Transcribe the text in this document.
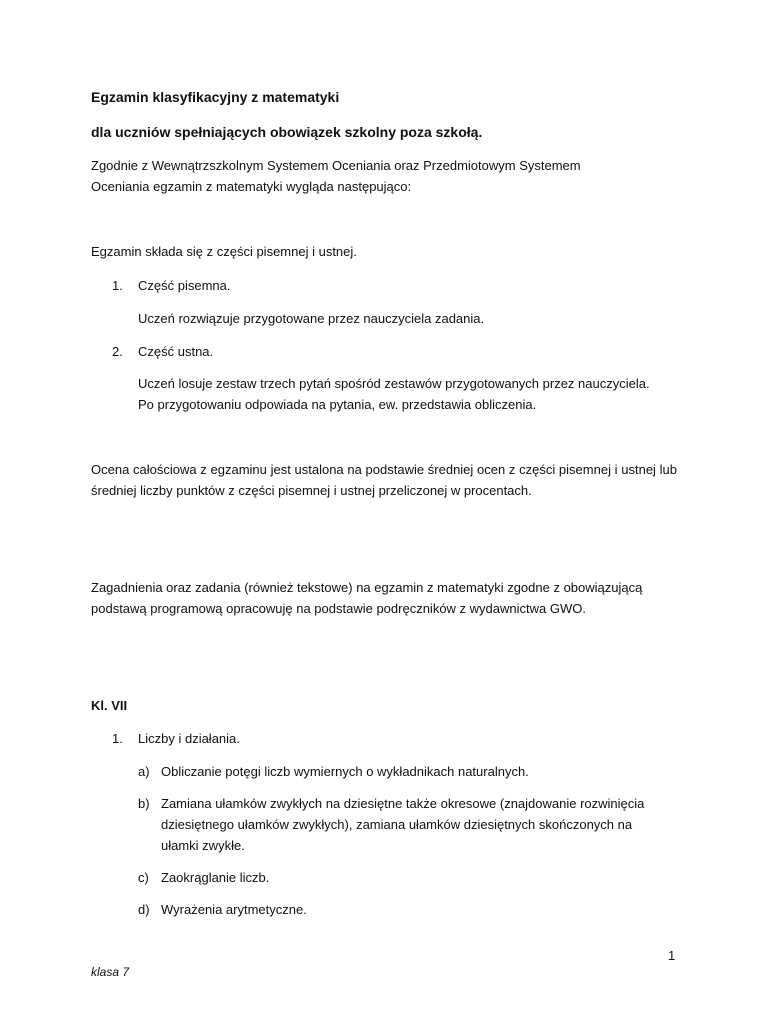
Egzamin klasyfikacyjny z matematyki

dla uczniów spełniających obowiązek szkolny poza szkołą.

Zgodnie z Wewnątrzszkolnym Systemem Oceniania oraz Przedmiotowym Systemem Oceniania egzamin z matematyki wygląda następująco:

Egzamin składa się z części pisemnej i ustnej.

1. Część pisemna.

Uczeń rozwiązuje przygotowane przez nauczyciela zadania.

2. Część ustna.

Uczeń losuje zestaw trzech pytań spośród zestawów przygotowanych przez nauczyciela. Po przygotowaniu odpowiada na pytania, ew. przedstawia obliczenia.

Ocena całościowa z egzaminu jest ustalona na podstawie średniej ocen z części pisemnej i ustnej lub średniej liczby punktów z części pisemnej i ustnej przeliczonej w procentach.

Zagadnienia oraz zadania (również tekstowe) na egzamin z matematyki zgodne z obowiązującą podstawą programową opracowuję na podstawie podręczników z wydawnictwa GWO.

Kl. VII

1. Liczby i działania.
a) Obliczanie potęgi liczb wymiernych o wykładnikach naturalnych.

b) Zamiana ułamków zwykłych na dziesiętne także okresowe (znajdowanie rozwinięcia dziesiętnego ułamków zwykłych), zamiana ułamków dziesiętnych skończonych na ułamki zwykłe.

c) Zaokrąglanie liczb.

d) Wyrażenia arytmetyczne.

1
klasa 7
